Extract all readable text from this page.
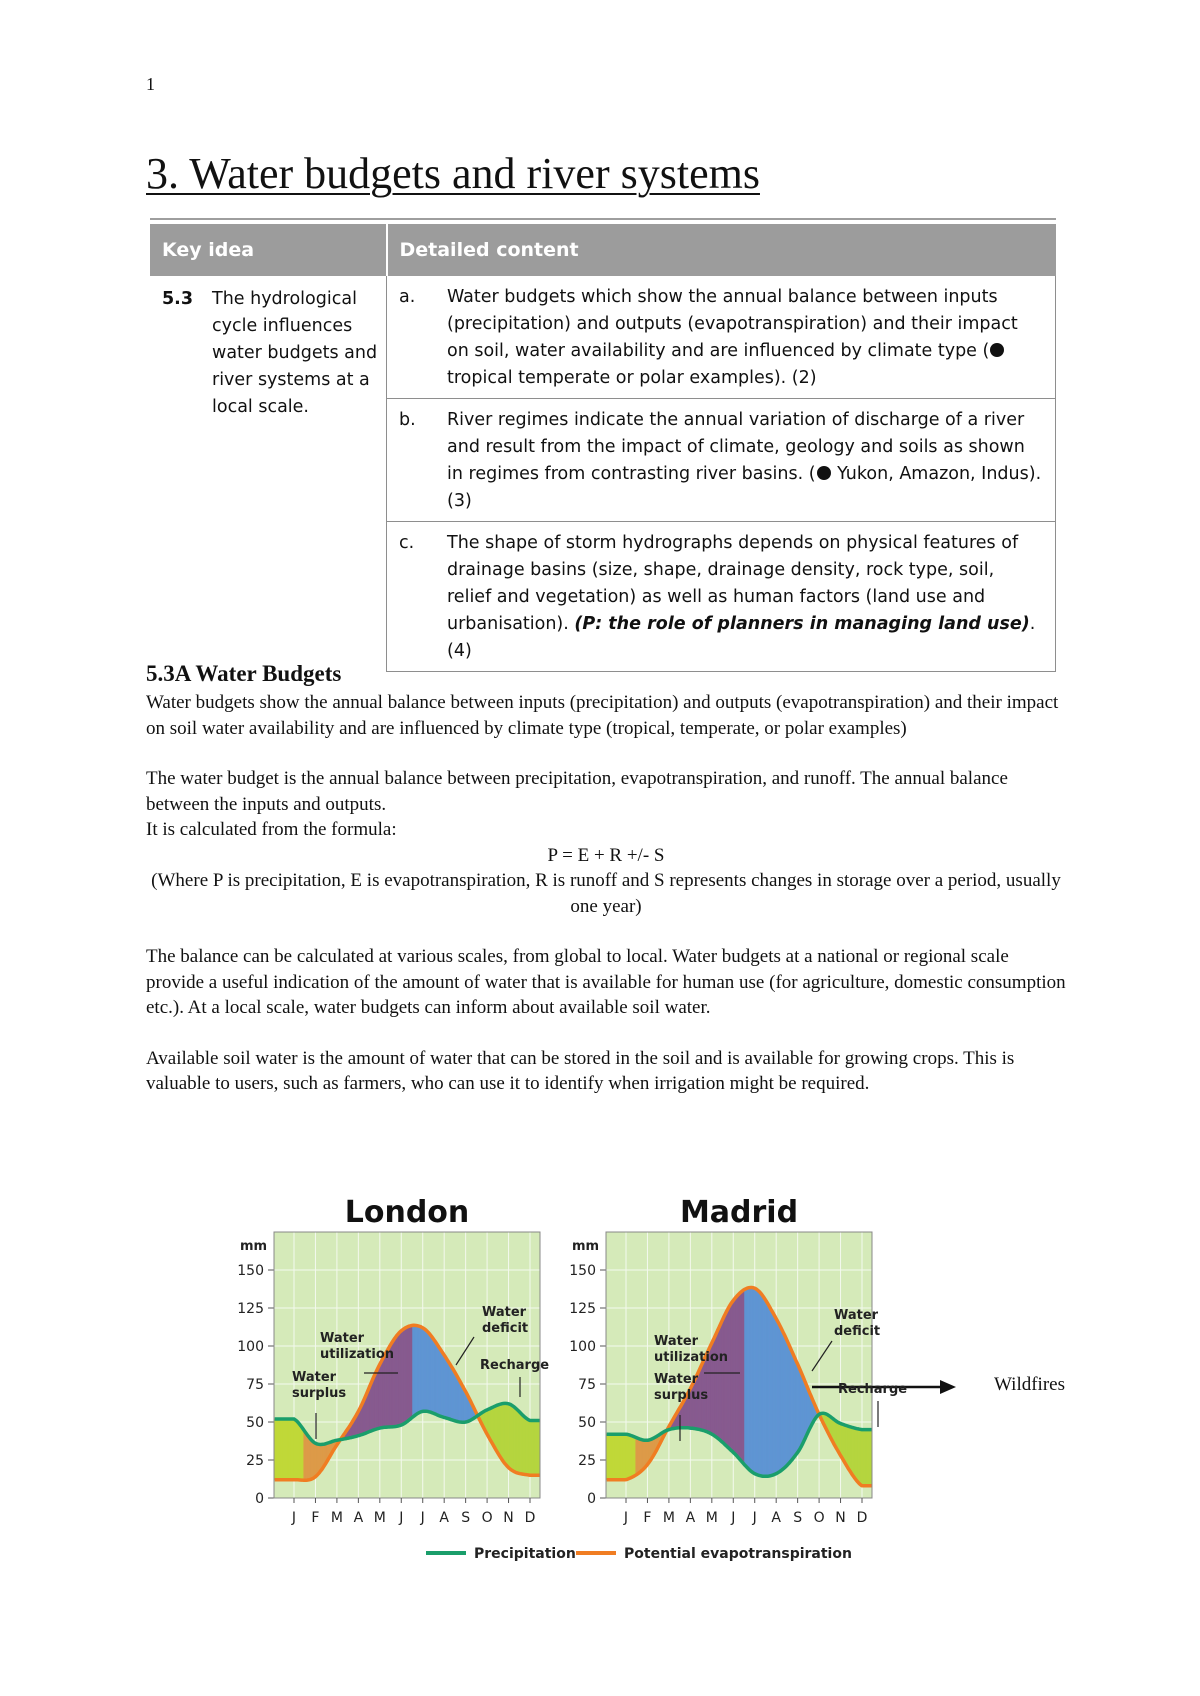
1
3. Water budgets and river systems

Key idea	Detailed content

5.3 The hydrological cycle influences water budgets and river systems at a local scale.	a. Water budgets which show the annual balance between inputs (precipitation) and outputs (evapotranspiration) and their impact on soil, water availability and are influenced by climate type ( tropical temperate or polar examples). (2)

	b. River regimes indicate the annual variation of discharge of a river and result from the impact of climate, geology and soils as shown in regimes from contrasting river basins. ( Yukon, Amazon, Indus). (3)

	c. The shape of storm hydrographs depends on physical features of drainage basins (size, shape, drainage density, rock type, soil, relief and vegetation) as well as human factors (land use and urbanisation). (P: the role of planners in managing land use). (4)
5.3A Water Budgets

Water budgets show the annual balance between inputs (precipitation) and outputs (evapotranspiration) and their impact on soil water availability and are influenced by climate type (tropical, temperate, or polar examples)

The water budget is the annual balance between precipitation, evapotranspiration, and runoff. The annual balance between the inputs and outputs.

It is calculated from the formula:

P = E + R +/- S

(Where P is precipitation, E is evapotranspiration, R is runoff and S represents changes in storage over a period, usually one year)

The balance can be calculated at various scales, from global to local. Water budgets at a national or regional scale provide a useful indication of the amount of water that is available for human use (for agriculture, domestic consumption etc.). At a local scale, water budgets can inform about available soil water.

Available soil water is the amount of water that can be stored in the soil and is available for growing crops. This is valuable to users, such as farmers, who can use it to identify when irrigation might be required.

0
25
50
75
100
125
150
mm
London
J F M A M J J A S O N D
Water
utilization
Water
surplus
Water
deficit
Recharge
0
25
50
75
100
125
150
mm
Madrid
J F M A M J J A S O N D
Water
utilization
Water
surplus
Water
deficit
Recharge
Precipitation	Potential evapotranspiration
Wildfires
